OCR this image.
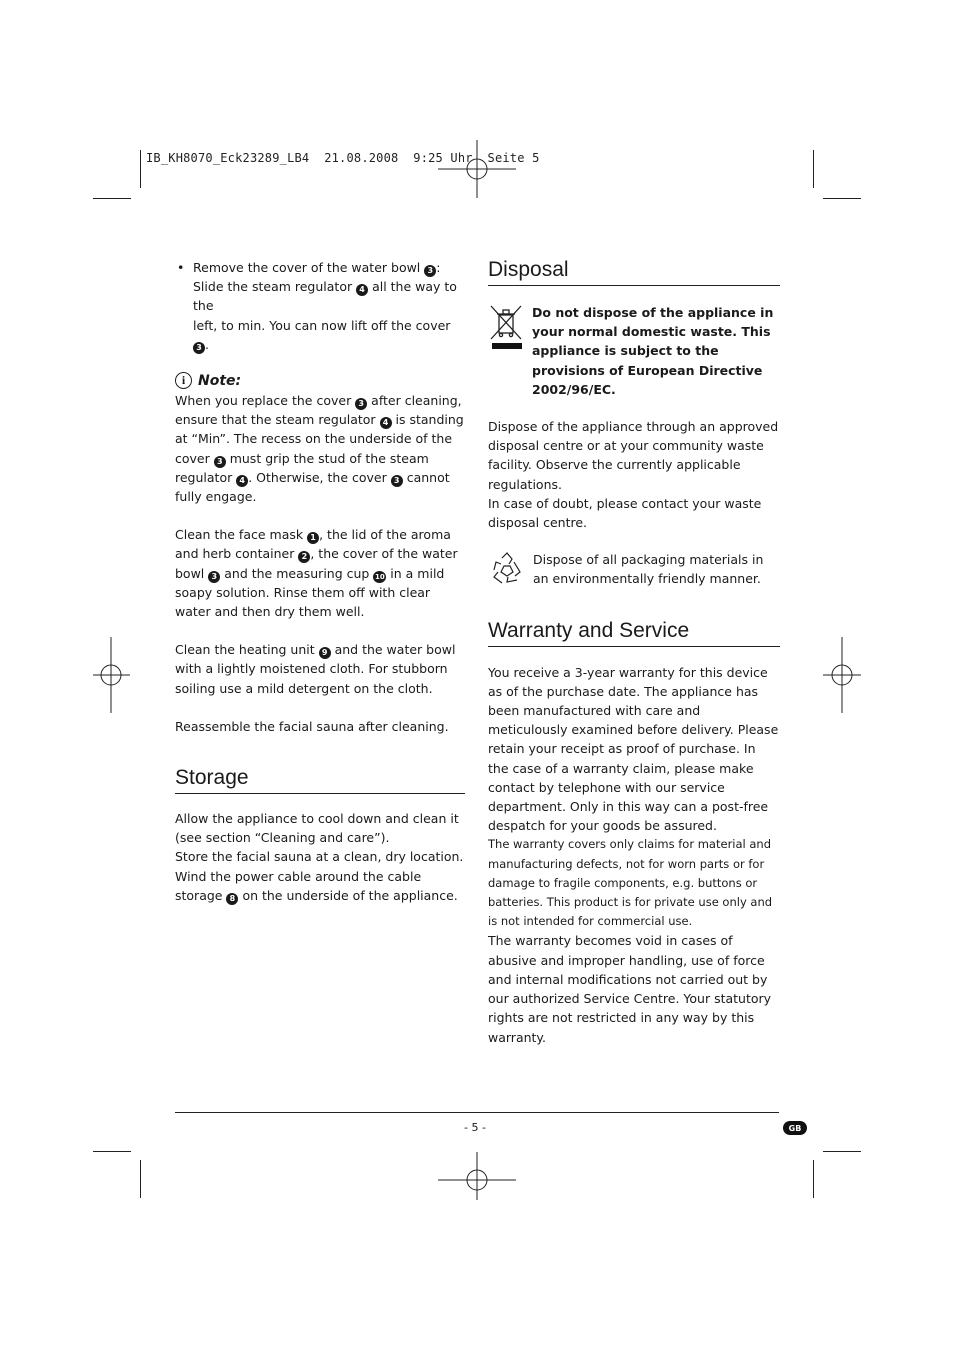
IB_KH8070_Eck23289_LB4  21.08.2008  9:25 Uhr  Seite 5
• Remove the cover of the water bowl 3 :
Slide the steam regulator 4 all the way to the
left, to min. You can now lift off the cover 3 .
i Note:

When you replace the cover 3 after cleaning, ensure that the steam regulator 4 is standing at “Min”. The recess on the underside of the cover 3 must grip the stud of the steam regulator 4 . Otherwise, the cover 3 cannot fully engage.

Clean the face mask 1 , the lid of the aroma and herb container 2 , the cover of the water bowl 3 and the measuring cup 10 in a mild soapy solution. Rinse them off with clear water and then dry them well.

Clean the heating unit 9 and the water bowl with a lightly moistened cloth. For stubborn soiling use a mild detergent on the cloth.

Reassemble the facial sauna after cleaning.

Storage
Allow the appliance to cool down and clean it (see section “Cleaning and care”).
Store the facial sauna at a clean, dry location.
Wind the power cable around the cable storage 8 on the underside of the appliance.
Disposal
Do not dispose of the appliance in your normal domestic waste. This appliance is subject to the provisions of European Directive 2002/96/EC.
Dispose of the appliance through an approved disposal centre or at your community waste facility. Observe the currently applicable regulations.
In case of doubt, please contact your waste disposal centre.
Dispose of all packaging materials in an environmentally friendly manner.
Warranty and Service
You receive a 3-year warranty for this device as of the purchase date. The appliance has been manufactured with care and meticulously examined before delivery. Please retain your receipt as proof of purchase. In the case of a warranty claim, please make contact by telephone with our service department. Only in this way can a post-free despatch for your goods be assured.
The warranty covers only claims for material and manufacturing defects, not for worn parts or for damage to fragile components, e.g. buttons or batteries. This product is for private use only and is not intended for commercial use.
The warranty becomes void in cases of abusive and improper handling, use of force and internal modifications not carried out by our authorized Service Centre. Your statutory rights are not restricted in any way by this warranty.
- 5 -	GB
